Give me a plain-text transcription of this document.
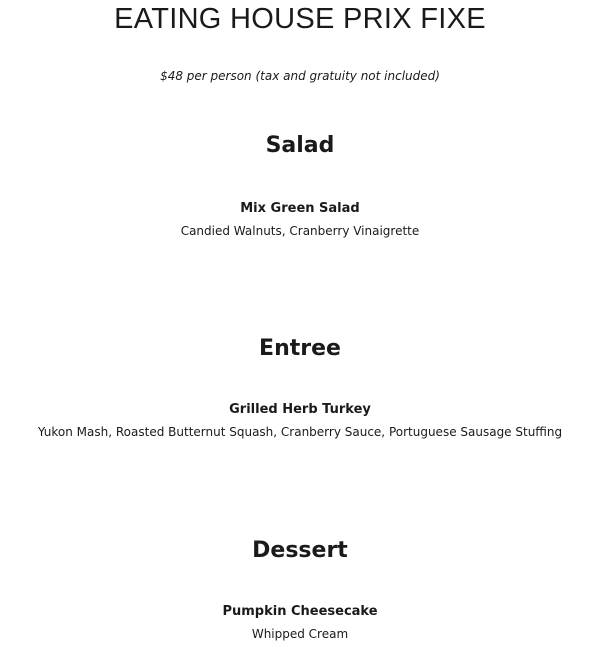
EATING HOUSE PRIX FIXE

$48 per person (tax and gratuity not included)

Salad

Mix Green Salad

Candied Walnuts, Cranberry Vinaigrette

Entree

Grilled Herb Turkey

Yukon Mash, Roasted Butternut Squash, Cranberry Sauce, Portuguese Sausage Stuffing

Dessert

Pumpkin Cheesecake

Whipped Cream
